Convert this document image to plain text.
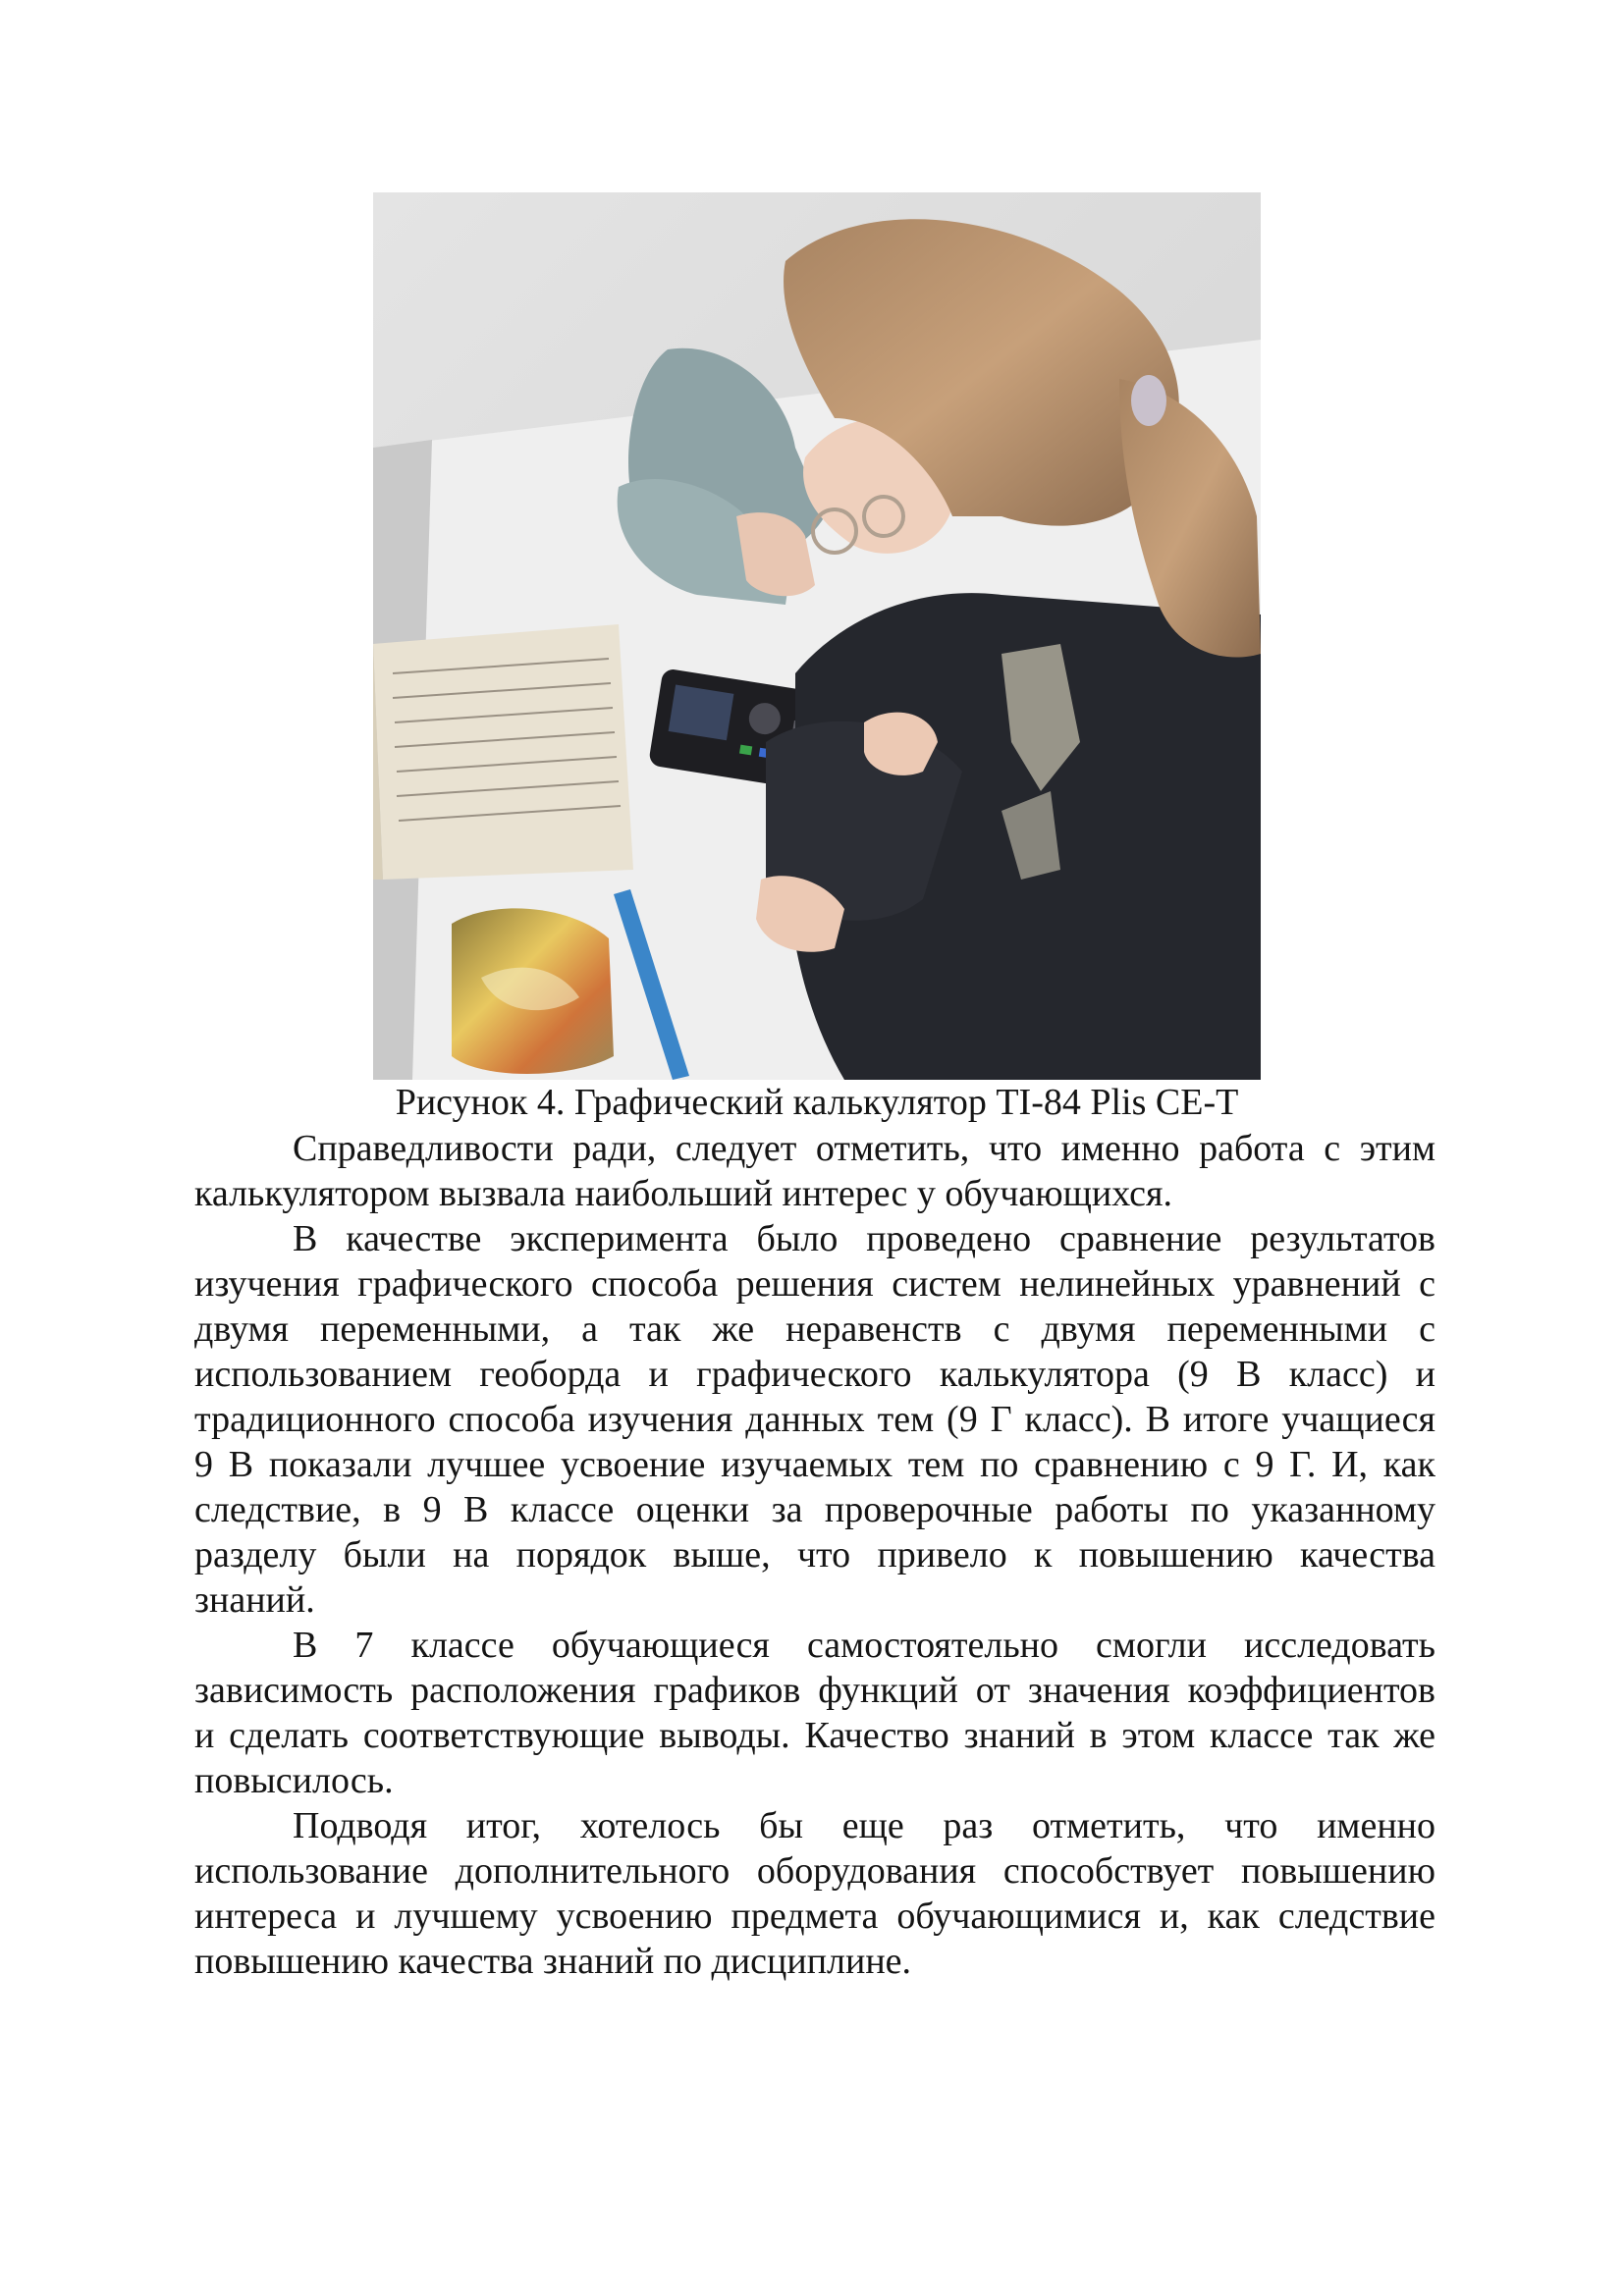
Рисунок 4. Графический калькулятор TI-84 Plis CE-T
Справедливости ради, следует отметить, что именно работа с этим
калькулятором вызвала наибольший интерес у обучающихся.
В качестве эксперимента было проведено сравнение результатов
изучения графического способа решения систем нелинейных уравнений с
двумя переменными, а так же неравенств с двумя переменными с
использованием геоборда и графического калькулятора (9 В класс) и
традиционного способа изучения данных тем (9 Г класс). В итоге учащиеся
9 В показали лучшее усвоение изучаемых тем по сравнению с 9 Г. И, как
следствие, в 9 В классе оценки за проверочные работы по указанному
разделу были на порядок выше, что привело к повышению качества
знаний.
В 7 классе обучающиеся самостоятельно смогли исследовать
зависимость расположения графиков функций от значения коэффициентов
и сделать соответствующие выводы. Качество знаний в этом классе так же
повысилось.
Подводя итог, хотелось бы еще раз отметить, что именно
использование дополнительного оборудования способствует повышению
интереса и лучшему усвоению предмета обучающимися и, как следствие
повышению качества знаний по дисциплине.
